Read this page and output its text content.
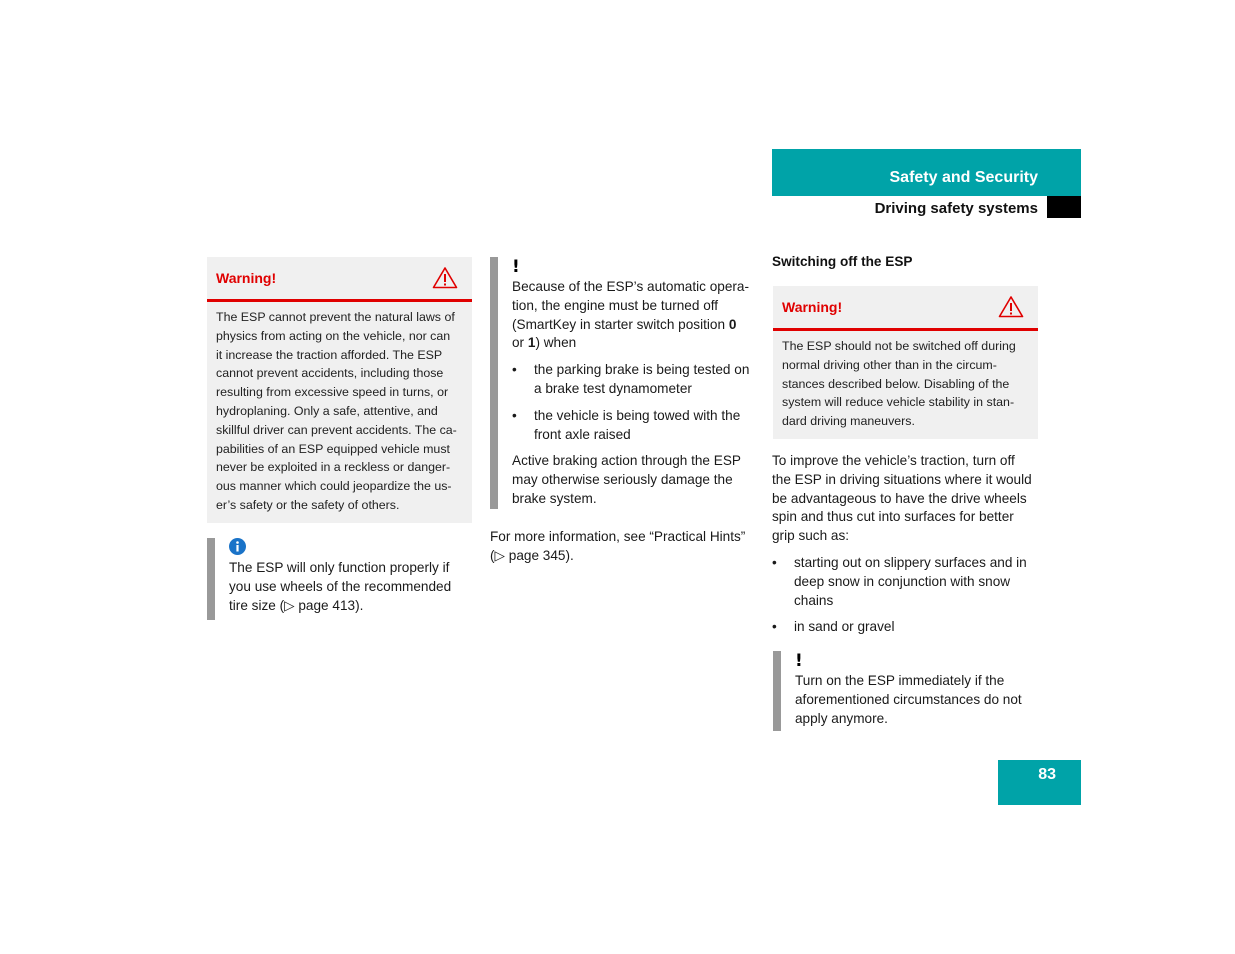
Safety and Security
Driving safety systems
Warning!
The ESP cannot prevent the natural laws of
physics from acting on the vehicle, nor can
it increase the traction afforded. The ESP
cannot prevent accidents, including those
resulting from excessive speed in turns, or
hydroplaning. Only a safe, attentive, and
skillful driver can prevent accidents. The ca-
pabilities of an ESP equipped vehicle must
never be exploited in a reckless or danger-
ous manner which could jeopardize the us-
er’s safety or the safety of others.
The ESP will only function properly if
you use wheels of the recommended
tire size (▷ page 413).
!
Because of the ESP’s automatic opera-
tion, the engine must be turned off
(SmartKey in starter switch position 0
or 1) when
• the parking brake is being tested on
a brake test dynamometer
• the vehicle is being towed with the
front axle raised
Active braking action through the ESP
may otherwise seriously damage the
brake system.
For more information, see “Practical Hints”
(▷ page 345).
Switching off the ESP
Warning!
The ESP should not be switched off during
normal driving other than in the circum-
stances described below. Disabling of the
system will reduce vehicle stability in stan-
dard driving maneuvers.
To improve the vehicle’s traction, turn off
the ESP in driving situations where it would
be advantageous to have the drive wheels
spin and thus cut into surfaces for better
grip such as:
• starting out on slippery surfaces and in
deep snow in conjunction with snow
chains
• in sand or gravel
!
Turn on the ESP immediately if the
aforementioned circumstances do not
apply anymore.
83
